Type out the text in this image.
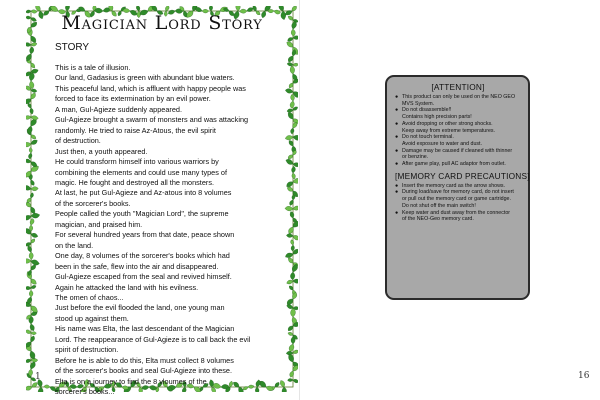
Magician Lord Story
STORY
This is a tale of illusion.
Our land, Gadasius is green with abundant blue waters.
This peaceful land, which is affluent with happy people was
forced to face its extermination by an evil power.
A man, Gul-Agieze suddenly appeared.
Gul-Agieze brought a swarm of monsters and was attacking
randomly. He tried to raise Az-Atous, the evil spirit
of destruction.
Just then, a youth appeared.
He could transform himself into various warriors by
combining the elements and could use many types of
magic. He fought and destroyed all the monsters.
At last, he put Gul-Agieze and Az-atous into 8 volumes
of the sorcerer's books.
People called the youth "Magician Lord", the supreme
magician, and praised him.
For several hundred years from that date, peace shown
on the land.
One day, 8 volumes of the sorcerer's books which had
been in the safe, flew into the air and disappeared.
Gul-Agieze escaped from the seal and revived himself.
Again he attacked the land with his evilness.
The omen of chaos...
Just before the evil flooded the land, one young man
stood up against them.
His name was Elta, the last descendant of the Magician
Lord. The reappearance of Gul-Agieze is to call back the evil
spirit of destruction.
Before he is able to do this, Elta must collect 8 volumes
of the sorcerer's books and seal Gul-Agieze into these.
Elta is on a journey to find the 8 vloumes of the
sorcerer's books...
1
[ATTENTION]
● This product can only be used on the NEO GEO
MVS System.
● Do not disassemble!!
Contains high precision parts!
● Avoid dropping or other strong shocks.
Keep away from extreme temperatures.
● Do not touch terminal.
Avoid exposure to water and dust.
● Damage may be caused if cleaned with thinner
or benzine.
● After game play, pull AC adaptor from outlet.
[MEMORY CARD PRECAUTIONS]
● Insert the memory card as the arrow shows.
● During load/save for memory card, do not insert
or pull out the memory card or game cartridge.
Do not shut off the main switch!
● Keep water and dust away from the connector
of the NEO-Geo memory card.
16
